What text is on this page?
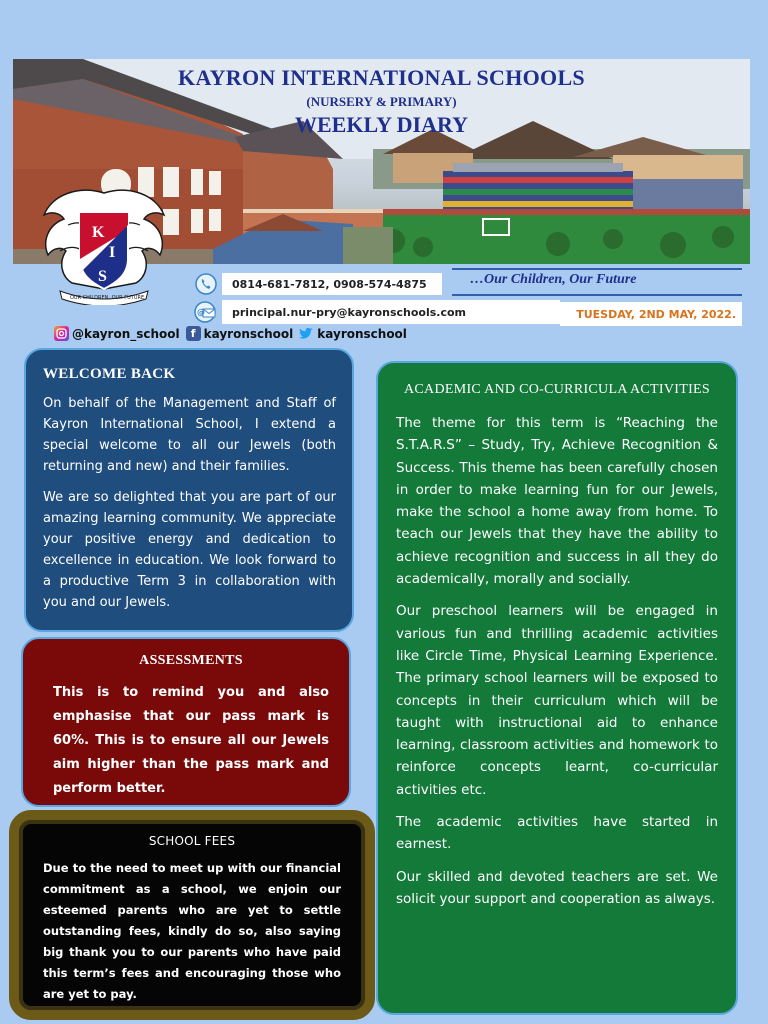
KAYRON INTERNATIONAL SCHOOLS
(NURSERY & PRIMARY)
WEEKLY DIARY
K
I
S
OUR CHILDREN, OUR FUTURE
0814-681-7812, 0908-574-4875
@ principal.nur-pry@kayronschools.com
…Our Children, Our Future
TUESDAY, 2ND MAY, 2022.
@kayron_school	f kayronschool kayronschool
WELCOME BACK

On behalf of the Management and Staff of Kayron International School, I extend a special welcome to all our Jewels (both returning and new) and their families.

We are so delighted that you are part of our amazing learning community. We appreciate your positive energy and dedication to excellence in education. We look forward to a productive Term 3 in collaboration with you and our Jewels.

ASSESSMENTS

This is to remind you and also emphasise that our pass mark is 60%. This is to ensure all our Jewels aim higher than the pass mark and perform better.

SCHOOL FEES

Due to the need to meet up with our financial commitment as a school, we enjoin our esteemed parents who are yet to settle outstanding fees, kindly do so, also saying big thank you to our parents who have paid this term’s fees and encouraging those who are yet to pay.

ACADEMIC AND CO-CURRICULA ACTIVITIES

The theme for this term is “Reaching the S.T.A.R.S” – Study, Try, Achieve Recognition & Success. This theme has been carefully chosen in order to make learning fun for our Jewels, make the school a home away from home. To teach our Jewels that they have the ability to achieve recognition and success in all they do academically, morally and socially.

Our preschool learners will be engaged in various fun and thrilling academic activities like Circle Time, Physical Learning Experience. The primary school learners will be exposed to concepts in their curriculum which will be taught with instructional aid to enhance learning, classroom activities and homework to reinforce concepts learnt, co-curricular activities etc.

The academic activities have started in earnest.

Our skilled and devoted teachers are set. We solicit your support and cooperation as always.
